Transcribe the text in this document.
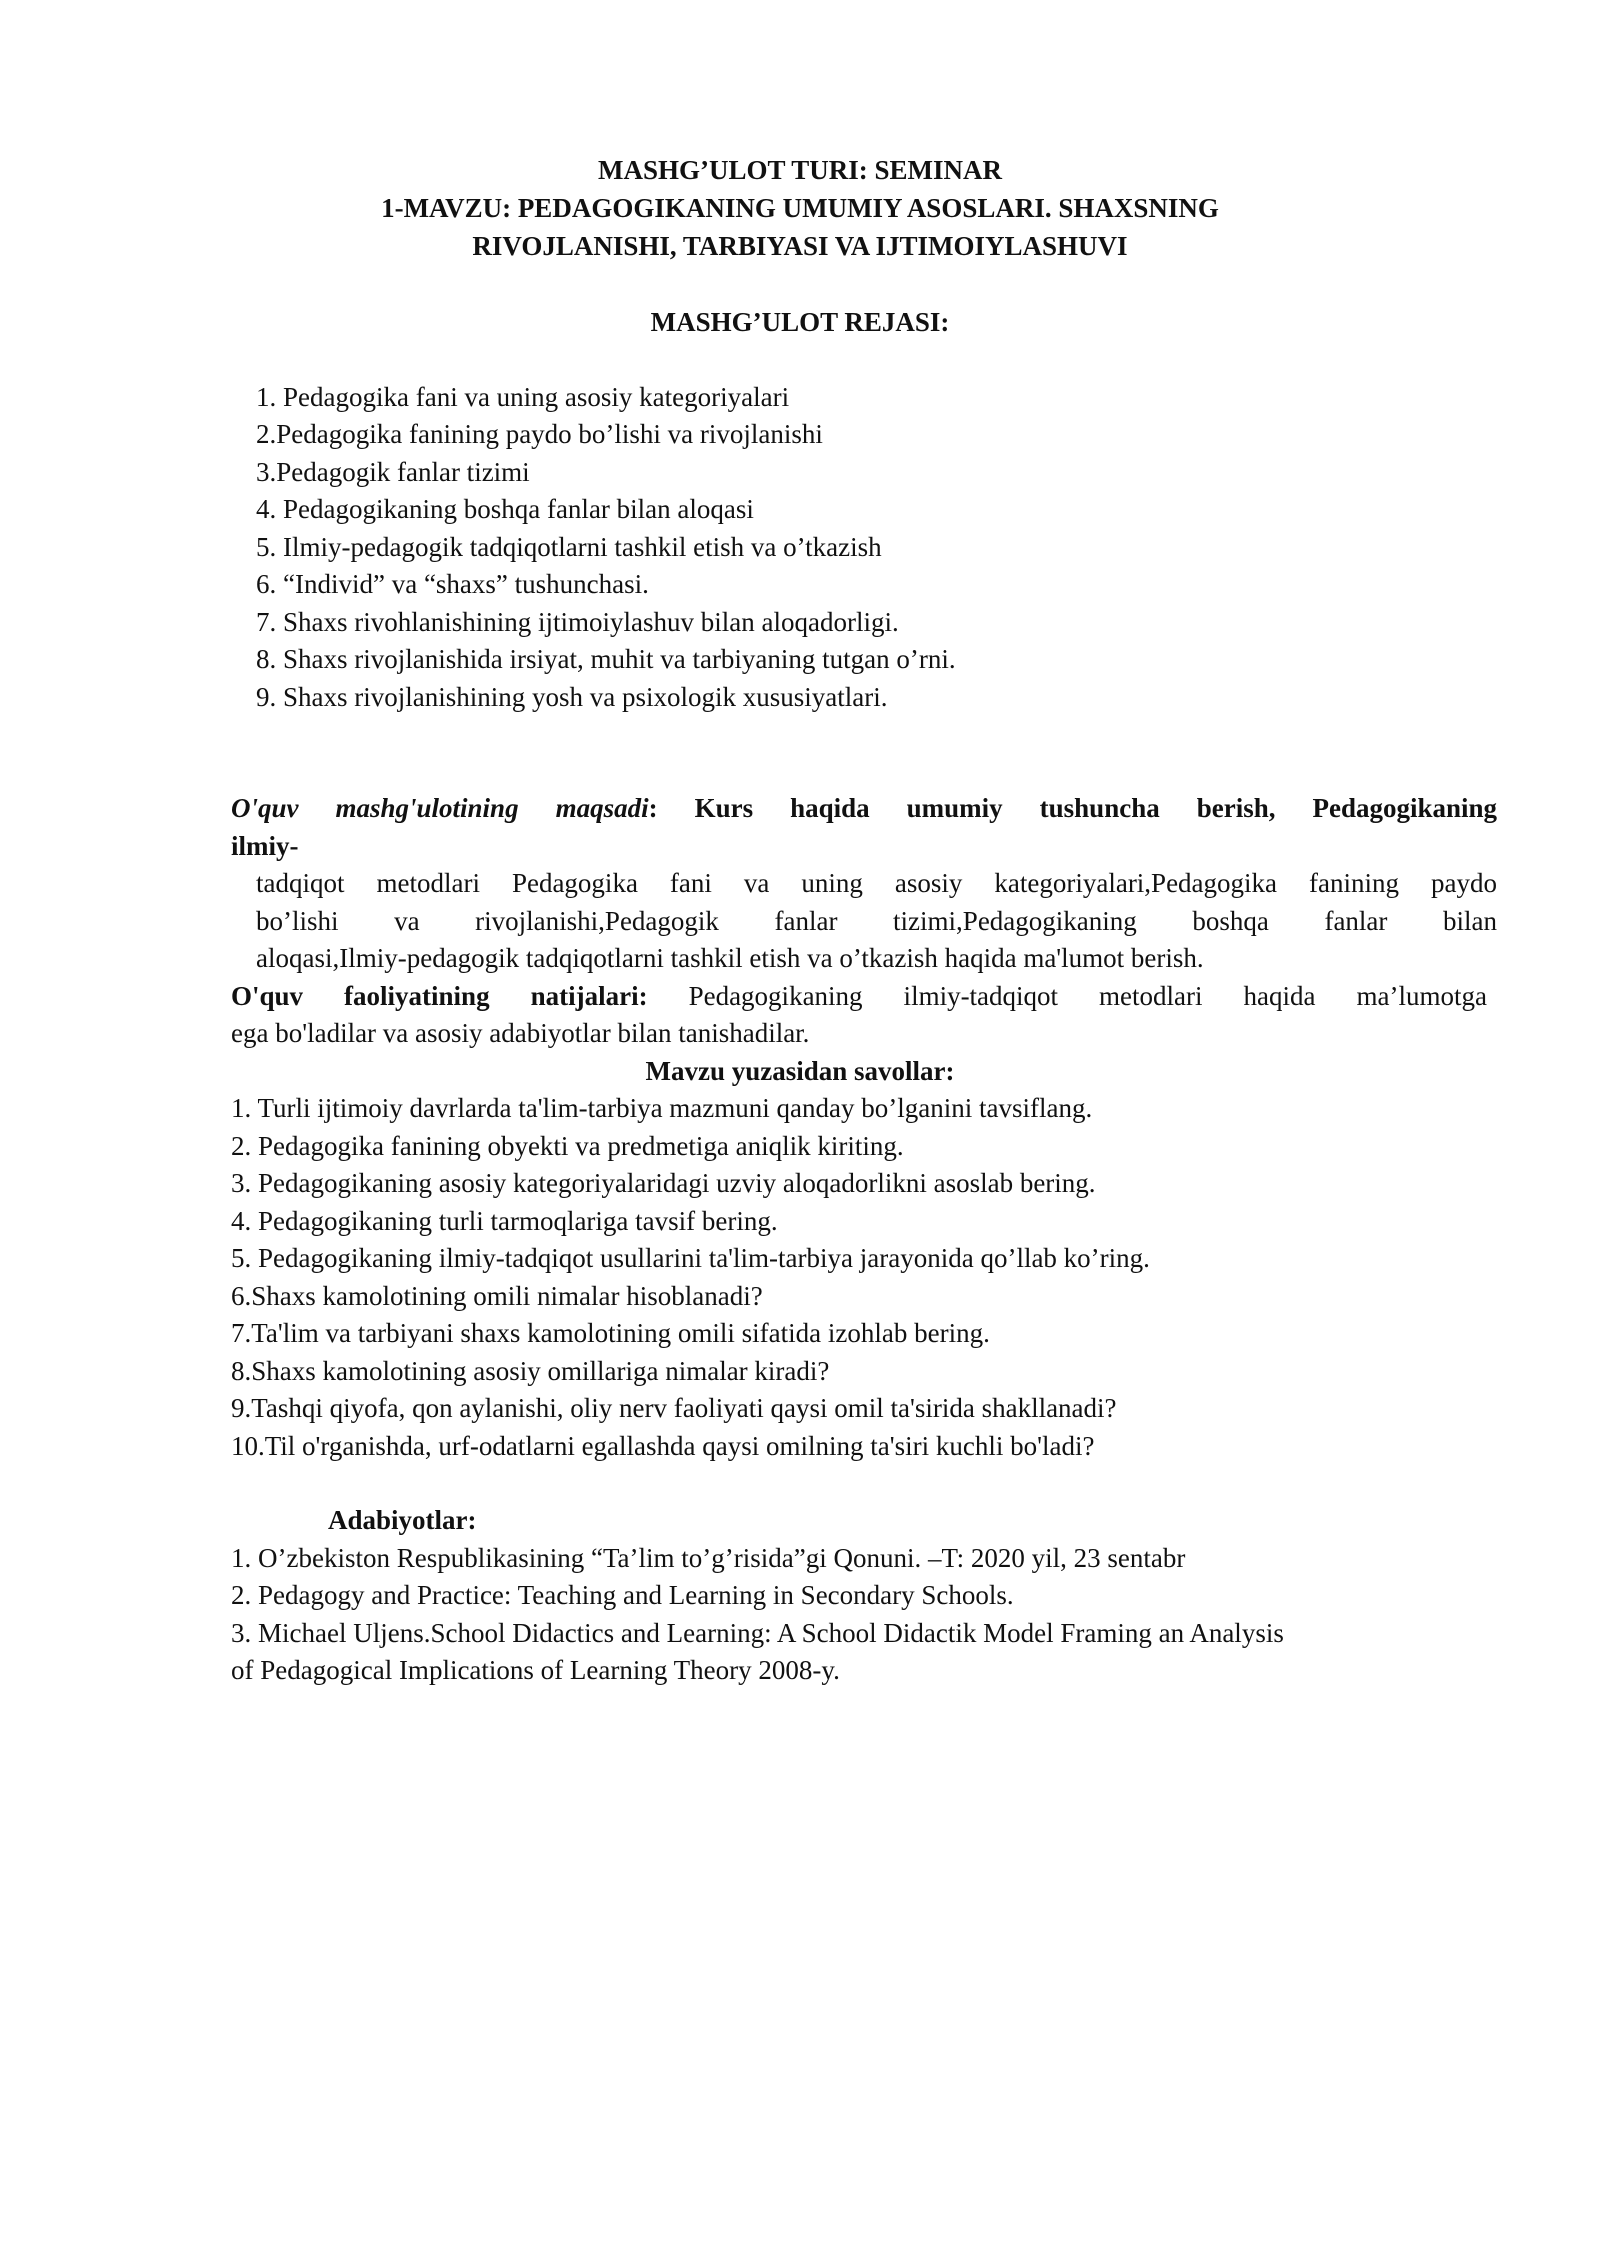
MASHG’ULOT TURI: SEMINAR
1-MAVZU: PEDAGOGIKANING UMUMIY ASOSLARI. SHAXSNING
RIVOJLANISHI, TARBIYASI VA IJTIMOIYLASHUVI
MASHG’ULOT REJASI:
1. Pedagogika fani va uning asosiy kategoriyalari
2.Pedagogika fanining paydo bo’lishi va rivojlanishi
3.Pedagogik fanlar tizimi
4. Pedagogikaning boshqa fanlar bilan aloqasi
5. Ilmiy-pedagogik tadqiqotlarni tashkil etish va o’tkazish
6. “Individ” va “shaxs” tushunchasi.
7. Shaxs rivohlanishining ijtimoiylashuv bilan aloqadorligi.
8. Shaxs rivojlanishida irsiyat, muhit va tarbiyaning tutgan o’rni.
9. Shaxs rivojlanishining yosh va psixologik xususiyatlari.
O'quv mashg'ulotining maqsadi: Kurs haqida umumiy tushuncha berish, Pedagogikaning
ilmiy-
tadqiqot metodlari Pedagogika fani va uning asosiy kategoriyalari,Pedagogika fanining paydo
bo’lishi va rivojlanishi,Pedagogik fanlar tizimi,Pedagogikaning boshqa fanlar bilan
aloqasi,Ilmiy-pedagogik tadqiqotlarni tashkil etish va o’tkazish haqida ma'lumot berish.
O'quv faoliyatining natijalari: Pedagogikaning ilmiy-tadqiqot metodlari haqida ma’lumotga
ega bo'ladilar va asosiy adabiyotlar bilan tanishadilar.
Mavzu yuzasidan savollar:
1. Turli ijtimoiy davrlarda ta'lim-tarbiya mazmuni qanday bo’lganini tavsiflang.
2. Pedagogika fanining obyekti va predmetiga aniqlik kiriting.
3. Pedagogikaning asosiy kategoriyalaridagi uzviy aloqadorlikni asoslab bering.
4. Pedagogikaning turli tarmoqlariga tavsif bering.
5. Pedagogikaning ilmiy-tadqiqot usullarini ta'lim-tarbiya jarayonida qo’llab ko’ring.
6.Shaxs kamolotining omili nimalar hisoblanadi?
7.Ta'lim va tarbiyani shaxs kamolotining omili sifatida izohlab bering.
8.Shaxs kamolotining asosiy omillariga nimalar kiradi?
9.Tashqi qiyofa, qon aylanishi, oliy nerv faoliyati qaysi omil ta'sirida shakllanadi?
10.Til o'rganishda, urf-odatlarni egallashda qaysi omilning ta'siri kuchli bo'ladi?
Adabiyotlar:
1. O’zbekiston Respublikasining “Ta’lim to’g’risida”gi Qonuni. –T: 2020 yil, 23 sentabr
2. Pedagogy and Practice: Teaching and Learning in Secondary Schools.
3. Michael Uljens.School Didactics and Learning: A School Didactik Model Framing an Analysis
of Pedagogical Implications of Learning Theory 2008-y.
